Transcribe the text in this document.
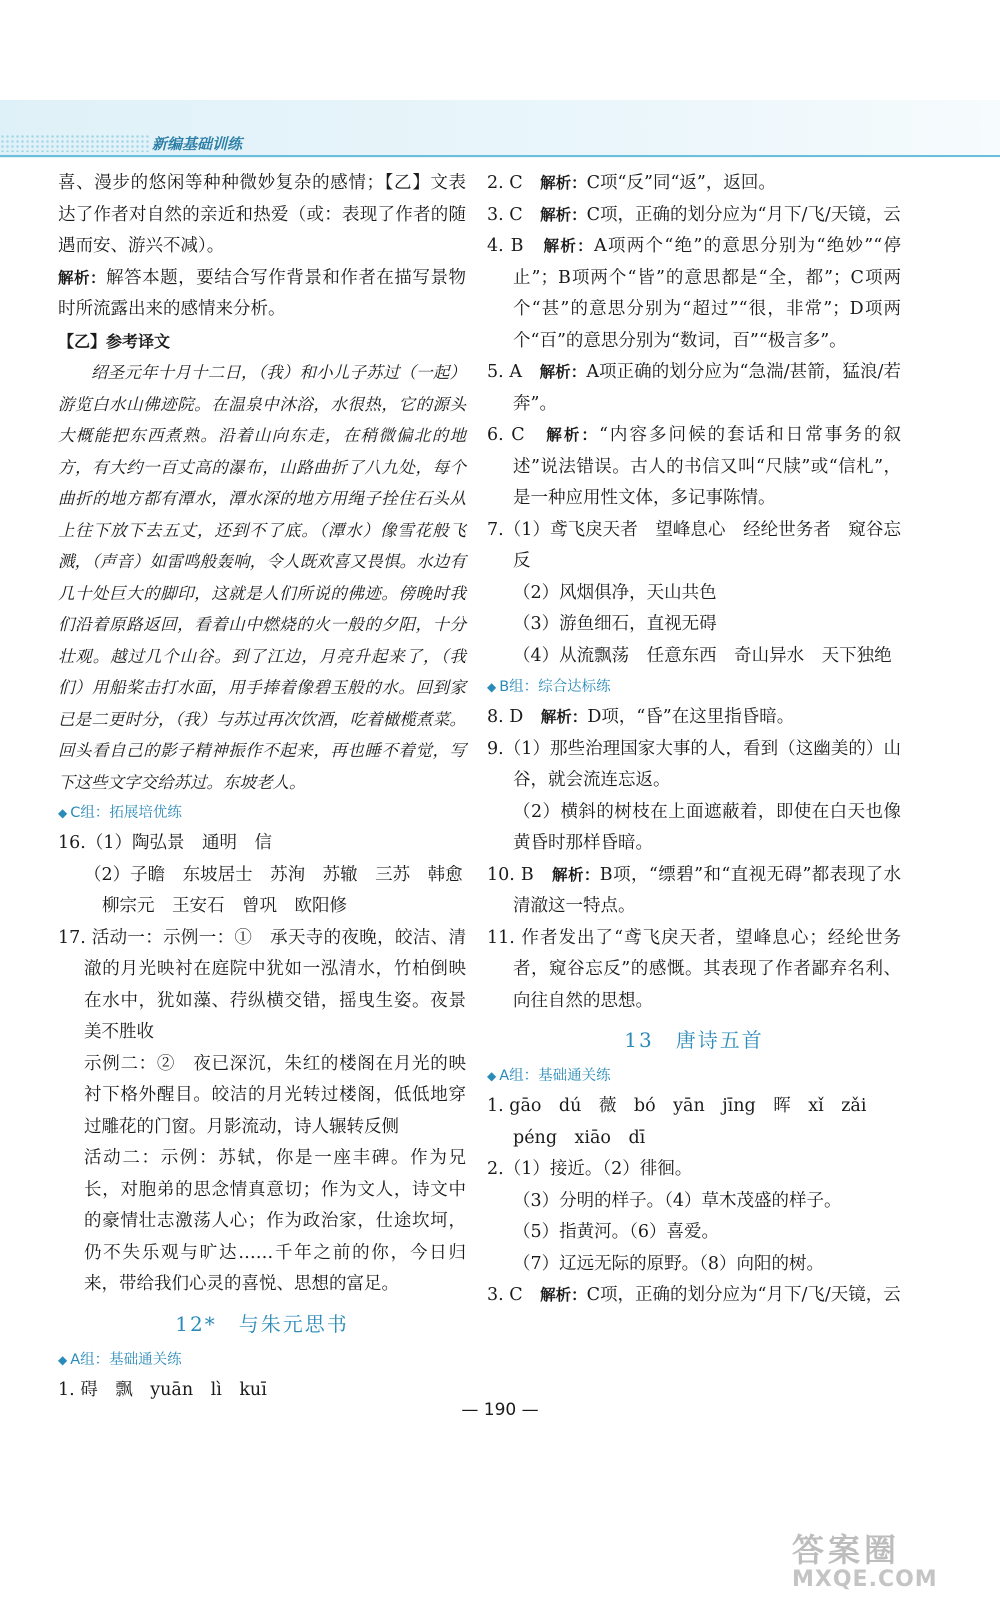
新编基础训练

喜、漫步的悠闲等种种微妙复杂的感情；【乙】文表达了作者对自然的亲近和热爱（或：表现了作者的随遇而安、游兴不减）。

解析：解答本题，要结合写作背景和作者在描写景物时所流露出来的感情来分析。

【乙】参考译文

绍圣元年十月十二日，（我）和小儿子苏过（一起）游览白水山佛迹院。在温泉中沐浴，水很热，它的源头大概能把东西煮熟。沿着山向东走，在稍微偏北的地方，有大约一百丈高的瀑布，山路曲折了八九处，每个曲折的地方都有潭水，潭水深的地方用绳子拴住石头从上往下放下去五丈，还到不了底。（潭水）像雪花般飞溅，（声音）如雷鸣般轰响，令人既欢喜又畏惧。水边有几十处巨大的脚印，这就是人们所说的佛迹。傍晚时我们沿着原路返回，看着山中燃烧的火一般的夕阳，十分壮观。越过几个山谷。到了江边，月亮升起来了，（我们）用船桨击打水面，用手捧着像碧玉般的水。回到家已是二更时分，（我）与苏过再次饮酒，吃着橄榄煮菜。回头看自己的影子精神振作不起来，再也睡不着觉，写下这些文字交给苏过。东坡老人。

◆ C组：拓展培优练

16.（1）陶弘景　通明　信

（2）子瞻　东坡居士　苏洵　苏辙　三苏　韩愈

柳宗元　王安石　曾巩　欧阳修

17. 活动一：示例一：①　承天寺的夜晚，皎洁、清澈的月光映衬在庭院中犹如一泓清水，竹柏倒映在水中，犹如藻、荇纵横交错，摇曳生姿。夜景美不胜收

示例二：②　夜已深沉，朱红的楼阁在月光的映衬下格外醒目。皎洁的月光转过楼阁，低低地穿过雕花的门窗。月影流动，诗人辗转反侧

活动二：示例：苏轼，你是一座丰碑。作为兄长，对胞弟的思念情真意切；作为文人，诗文中的豪情壮志激荡人心；作为政治家，仕途坎坷，仍不失乐观与旷达……千年之前的你，今日归来，带给我们心灵的喜悦、思想的富足。

12*　与朱元思书

◆ A组：基础通关练

1. 碍　飘　yuān　lì　kuī

2. C　 解析：C项“反”同“返”，返回。

3. C　 解析：C项，正确的划分应为“月下/飞/天镜，云

4. B　 解析：A项两个“绝”的意思分别为“绝妙”“停止”；B项两个“皆”的意思都是“全，都”；C项两个“甚”的意思分别为“超过”“很，非常”；D项两个“百”的意思分别为“数词，百”“极言多”。

5. A　 解析：A项正确的划分应为“急湍/甚箭，猛浪/若奔”。

6. C　 解析：“内容多问候的套话和日常事务的叙述”说法错误。古人的书信又叫“尺牍”或“信札”，是一种应用性文体，多记事陈情。

7.（1）鸢飞戾天者　望峰息心　经纶世务者　窥谷忘反

（2）风烟俱净，天山共色

（3）游鱼细石，直视无碍

（4）从流飘荡　任意东西　奇山异水　天下独绝

◆ B组：综合达标练

8. D　 解析：D项，“昏”在这里指昏暗。

9.（1）那些治理国家大事的人，看到（这幽美的）山谷，就会流连忘返。

（2）横斜的树枝在上面遮蔽着，即使在白天也像黄昏时那样昏暗。

10. B　 解析：B项，“缥碧”和“直视无碍”都表现了水清澈这一特点。

11. 作者发出了“鸢飞戾天者，望峰息心；经纶世务者，窥谷忘反”的感慨。其表现了作者鄙弃名利、向往自然的思想。

13　唐诗五首

◆ A组：基础通关练

1. gāo　dú　薇　bó　yān　jīng　晖　xǐ　zǎi

péng　xiāo　dī

2.（1）接近。（2）徘徊。

（3）分明的样子。（4）草木茂盛的样子。

（5）指黄河。（6）喜爱。

（7）辽远无际的原野。（8）向阳的树。

3. C　 解析：C项，正确的划分应为“月下/飞/天镜，云

— 190 —
答案圈
MXQE.COM
